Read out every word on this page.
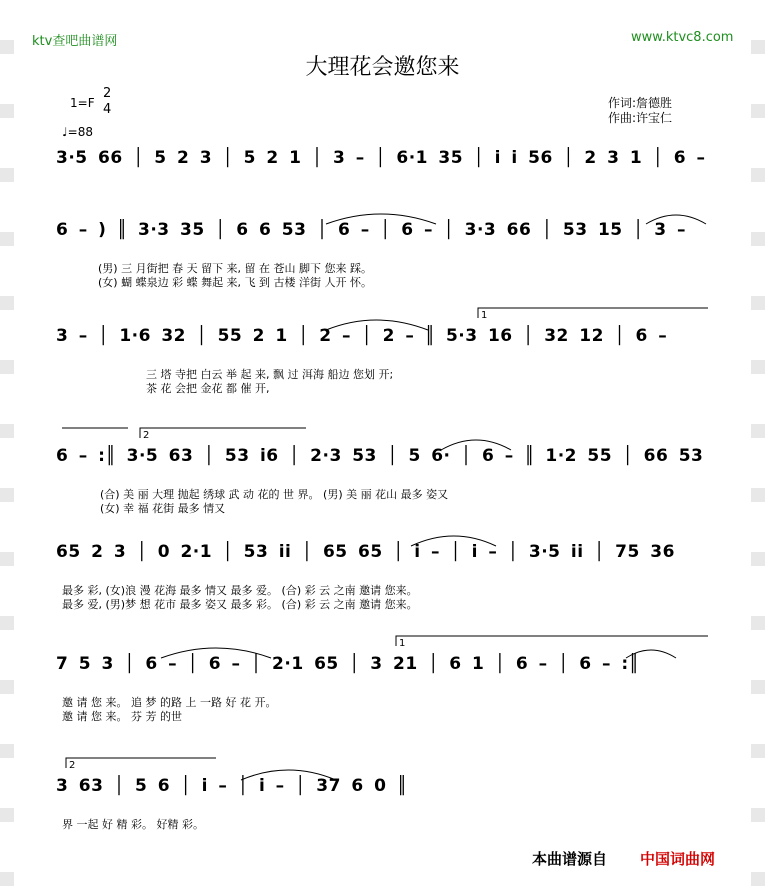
ktv查吧曲谱网	www.ktvc8.com
大理花会邀您来
1=F
2
4
♩=88
作词:詹德胜
作曲:许宝仁
3·5 66 │ 5 2 3 │ 5 2 1 │ 3 – │ 6·1 35 │ i i 56 │ 2 3 1 │ 6 –
6 – ) ║ 3·3 35 │ 6 6 53 │ 6 – │ 6 – │ 3·3 66 │ 53 15 │ 3 –
(男) 三 月街把 春 天 留下 来, 留 在 苍山 脚下 您来 踩。
(女) 蝴 蝶泉边 彩 蝶 舞起 来, 飞 到 古楼 洋街 人开 怀。
1
3 – │ 1·6 32 │ 55 2 1 │ 2 – │ 2 – ║ 5·3 16 │ 32 12 │ 6 –
三 塔 寺把 白云 举 起 来, 飘 过 洱海 船边 您划 开;
茶 花 会把 金花 都 催 开,
2
6 – :║ 3·5 63 │ 53 i6 │ 2·3 53 │ 5 6· │ 6 – ║ 1·2 55 │ 66 53
(合) 美 丽 大理 抛起 绣球 武 动 花的 世 界。 (男) 美 丽 花山 最多 姿又
(女) 幸 福 花街 最多 情又
65 2 3 │ 0 2·1 │ 53 ii │ 65 65 │ i – │ i – │ 3·5 ii │ 75 36
最多 彩, (女)浪 漫 花海 最多 情又 最多 爱。 (合) 彩 云 之南 邀请 您来。
最多 爱, (男)梦 想 花市 最多 姿又 最多 彩。 (合) 彩 云 之南 邀请 您来。
1
7 5 3 │ 6 – │ 6 – │ 2·1 65 │ 3 21 │ 6 1 │ 6 – │ 6 – :║
邀 请 您 来。 追 梦 的路 上 一路 好 花 开。
邀 请 您 来。 芬 芳 的世
2
3 63 │ 5 6 │ i – │ i – │ 37 6 0 ║
界 一起 好 精 彩。 好精 彩。
本曲谱源自 中国词曲网
